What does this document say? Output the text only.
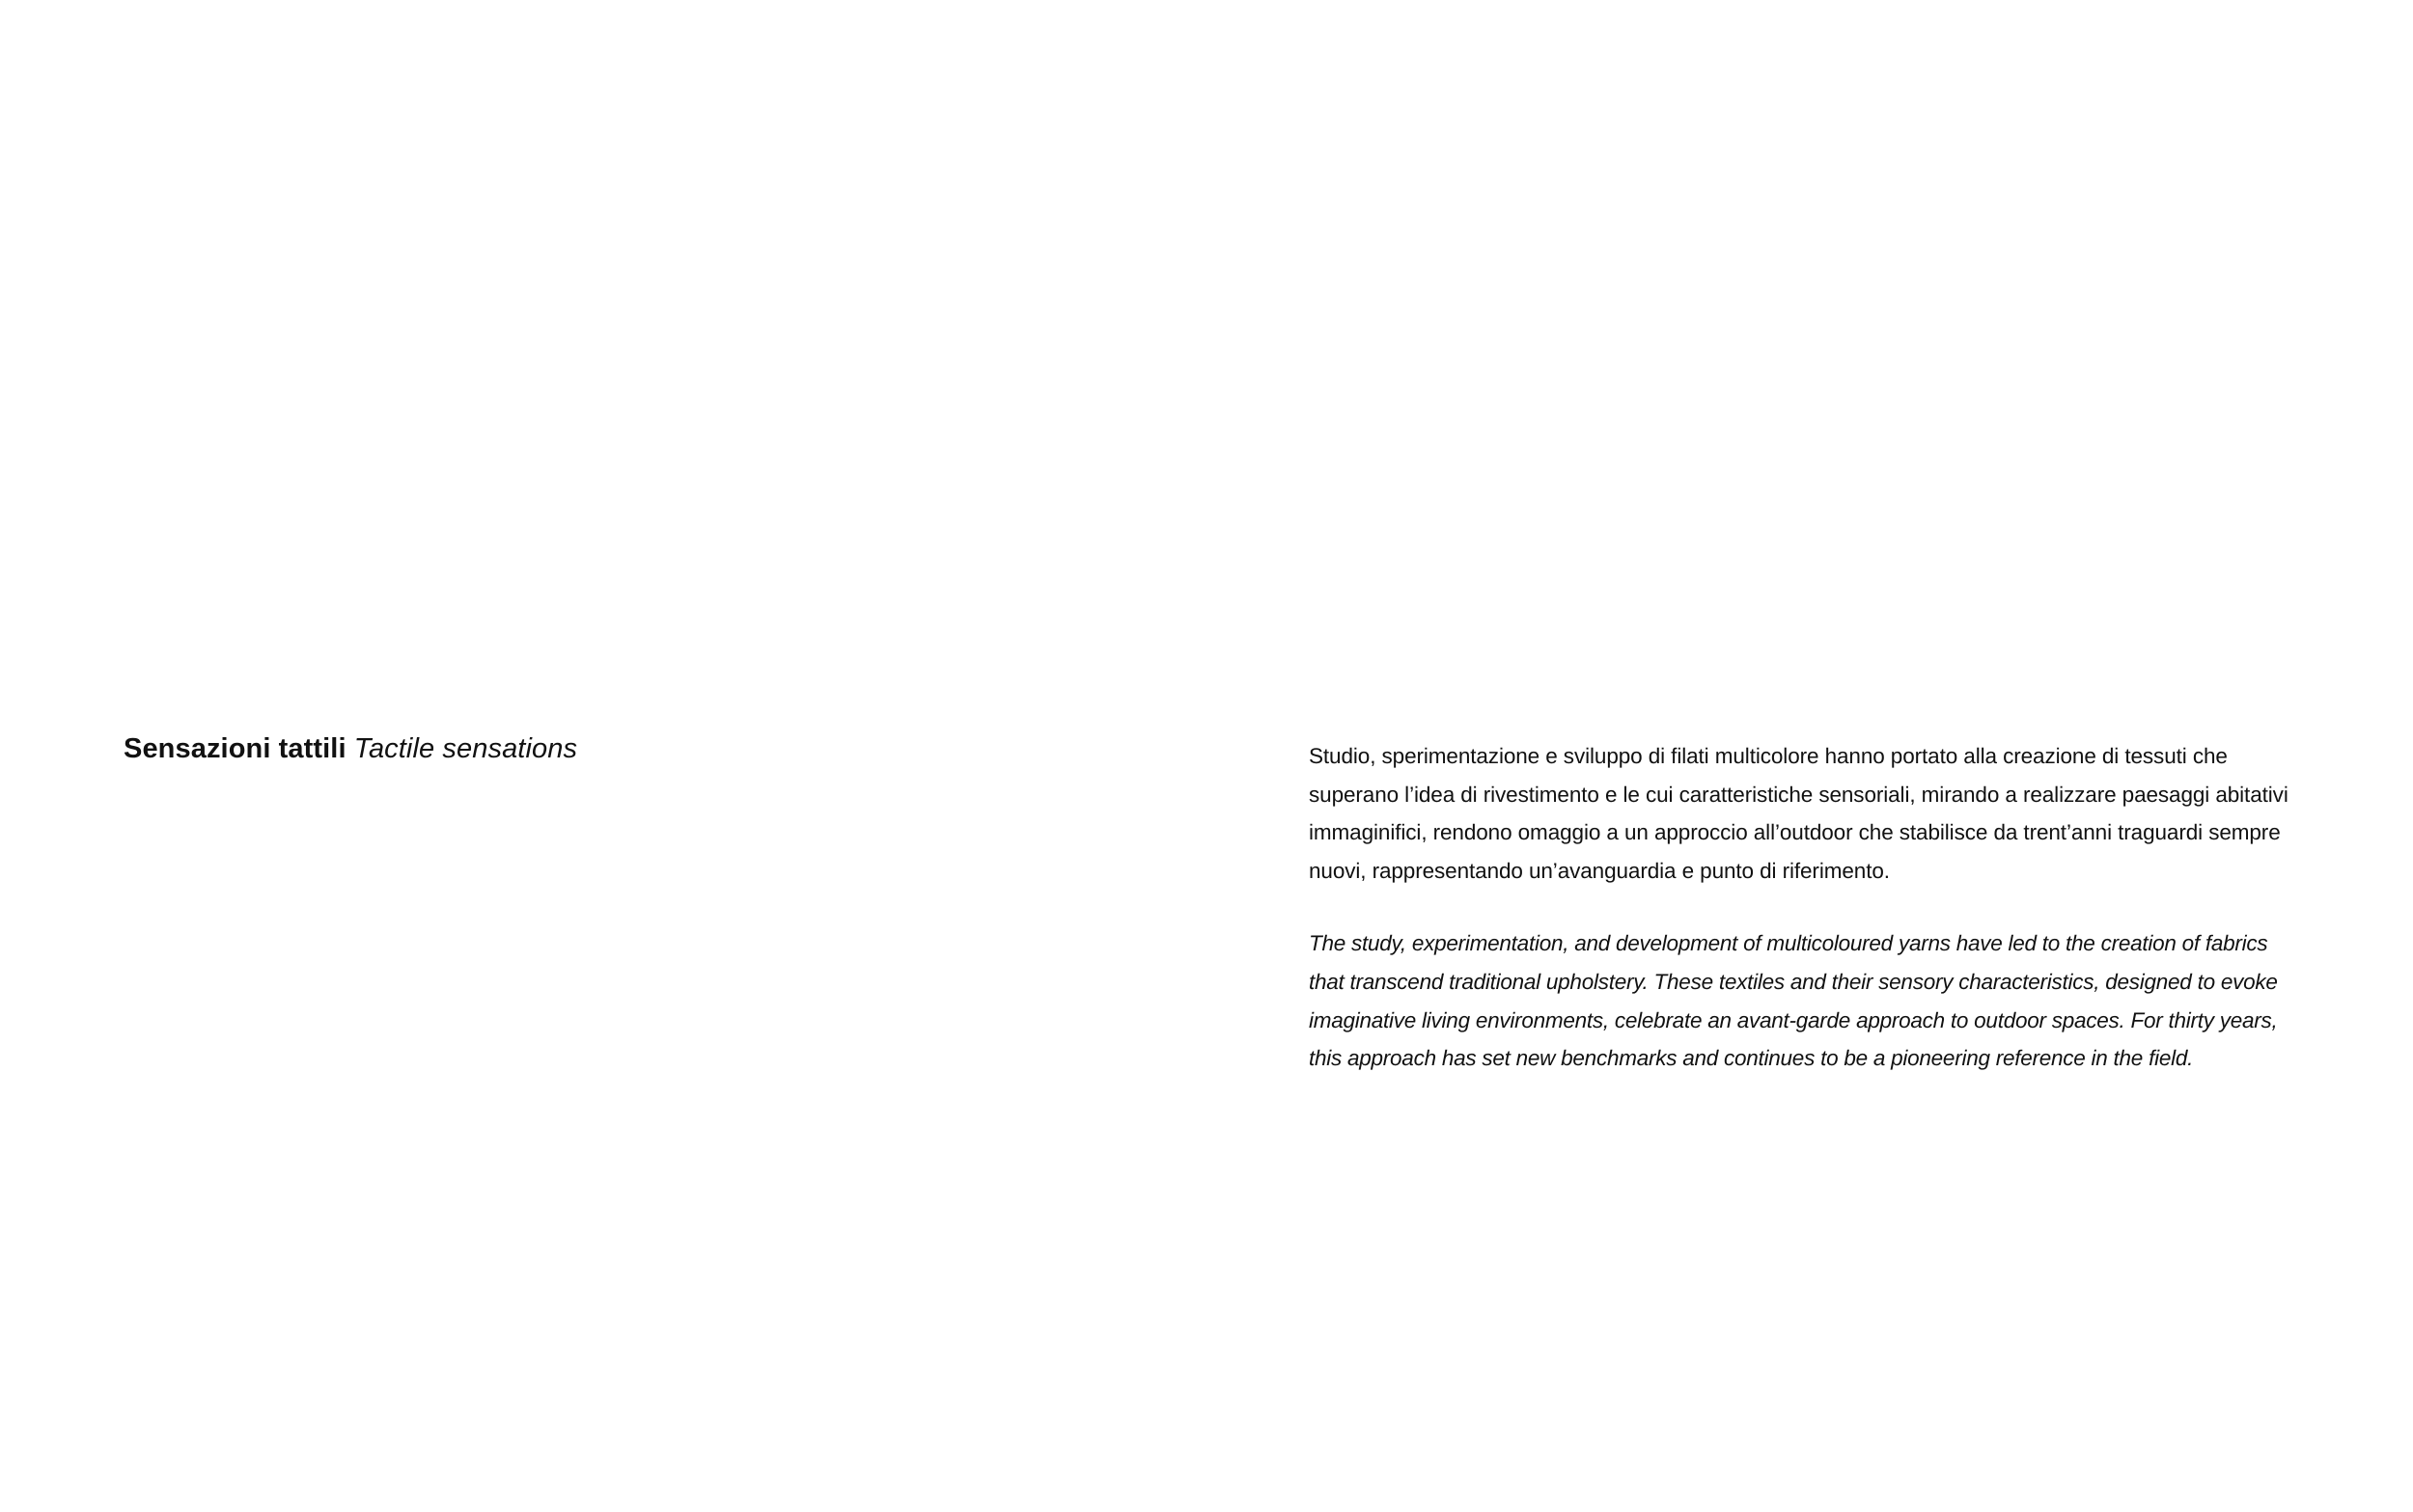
Sensazioni tattili Tactile sensations	Studio, sperimentazione e sviluppo di filati multicolore hanno portato alla creazione di tessuti che superano l’idea di rivestimento e le cui caratteristiche sensoriali, mirando a realizzare paesaggi abitativi immaginifici, rendono omaggio a un approccio all’outdoor che stabilisce da trent’anni traguardi sempre nuovi, rappresentando un’avanguardia e punto di riferimento.

The study, experimentation, and development of multicoloured yarns have led to the creation of fabrics that transcend traditional upholstery. These textiles and their sensory characteristics, designed to evoke imaginative living environments, celebrate an avant-garde approach to outdoor spaces. For thirty years, this approach has set new benchmarks and continues to be a pioneering reference in the field.
